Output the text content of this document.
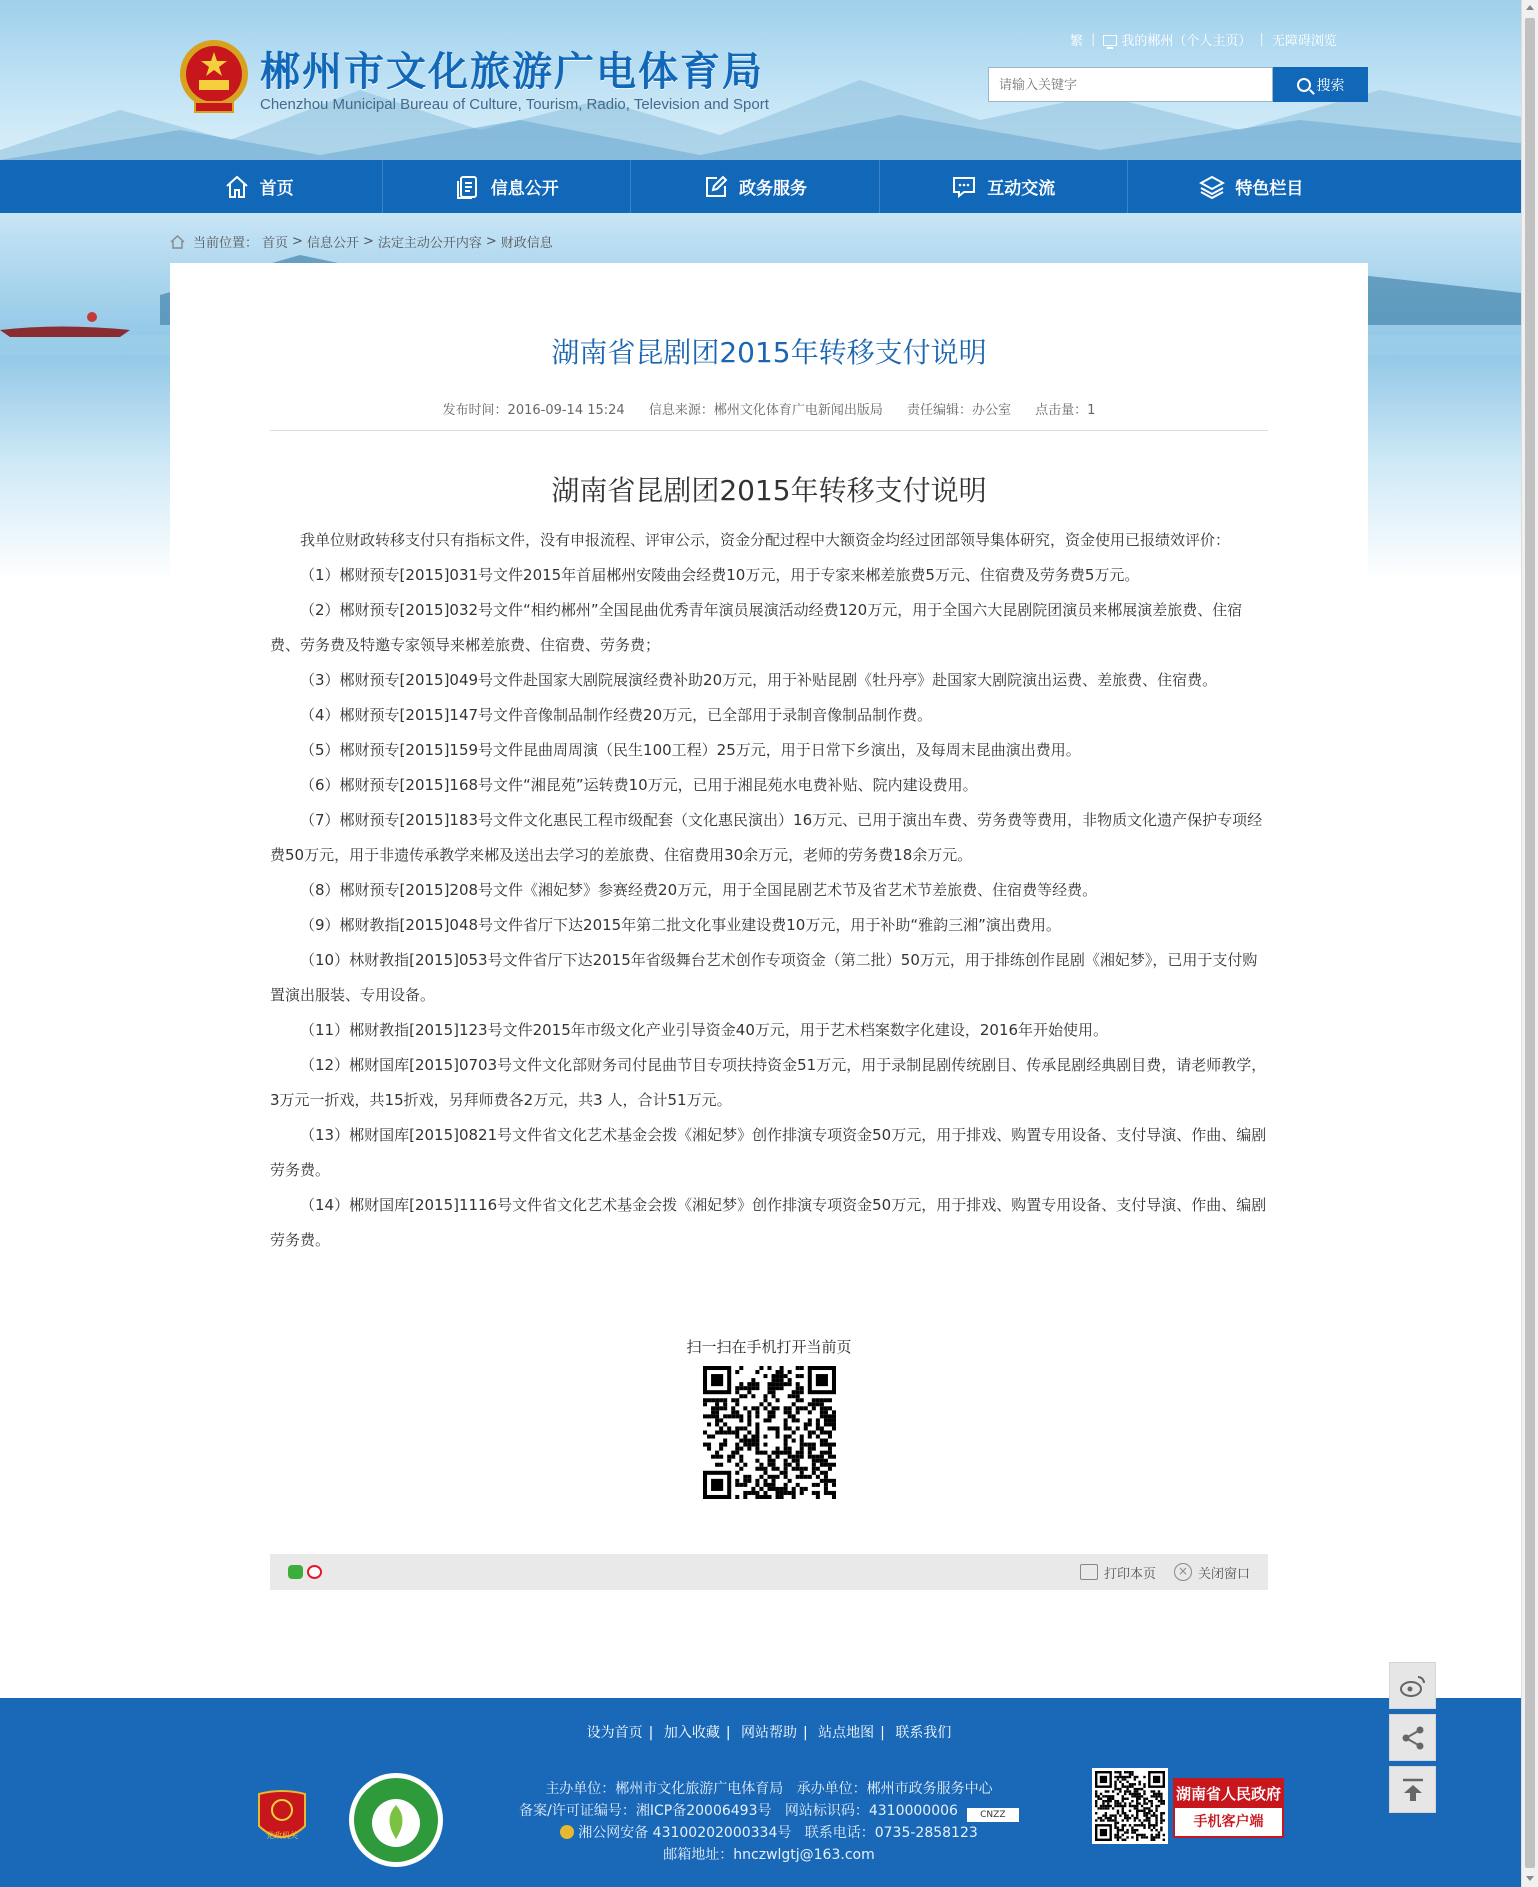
郴州市文化旅游广电体育局
Chenzhou Municipal Bureau of Culture, Tourism, Radio, Television and Sport
繁 |	我的郴州（个人主页） | 无障碍浏览
请输入关键字
搜索
首页	信息公开	政务服务	互动交流	特色栏目
当前位置： 首页 > 信息公开 > 法定主动公开内容 > 财政信息
湖南省昆剧团2015年转移支付说明
发布时间：2016-09-14 15:24 信息来源：郴州文化体育广电新闻出版局 责任编辑：办公室 点击量：1
湖南省昆剧团2015年转移支付说明

我单位财政转移支付只有指标文件，没有申报流程、评审公示，资金分配过程中大额资金均经过团部领导集体研究，资金使用已报绩效评价：

（1）郴财预专[2015]031号文件2015年首届郴州安陵曲会经费10万元，用于专家来郴差旅费5万元、住宿费及劳务费5万元。

（2）郴财预专[2015]032号文件“相约郴州”全国昆曲优秀青年演员展演活动经费120万元，用于全国六大昆剧院团演员来郴展演差旅费、住宿费、劳务费及特邀专家领导来郴差旅费、住宿费、劳务费；

（3）郴财预专[2015]049号文件赴国家大剧院展演经费补助20万元，用于补贴昆剧《牡丹亭》赴国家大剧院演出运费、差旅费、住宿费。

（4）郴财预专[2015]147号文件音像制品制作经费20万元，已全部用于录制音像制品制作费。

（5）郴财预专[2015]159号文件昆曲周周演（民生100工程）25万元，用于日常下乡演出，及每周末昆曲演出费用。

（6）郴财预专[2015]168号文件“湘昆苑”运转费10万元，已用于湘昆苑水电费补贴、院内建设费用。

（7）郴财预专[2015]183号文件文化惠民工程市级配套（文化惠民演出）16万元、已用于演出车费、劳务费等费用，非物质文化遗产保护专项经费50万元，用于非遗传承教学来郴及送出去学习的差旅费、住宿费用30余万元，老师的劳务费18余万元。

（8）郴财预专[2015]208号文件《湘妃梦》参赛经费20万元，用于全国昆剧艺术节及省艺术节差旅费、住宿费等经费。

（9）郴财教指[2015]048号文件省厅下达2015年第二批文化事业建设费10万元，用于补助“雅韵三湘”演出费用。

（10）林财教指[2015]053号文件省厅下达2015年省级舞台艺术创作专项资金（第二批）50万元，用于排练创作昆剧《湘妃梦》，已用于支付购置演出服装、专用设备。

（11）郴财教指[2015]123号文件2015年市级文化产业引导资金40万元，用于艺术档案数字化建设，2016年开始使用。

（12）郴财国库[2015]0703号文件文化部财务司付昆曲节目专项扶持资金51万元，用于录制昆剧传统剧目、传承昆剧经典剧目费，请老师教学，3万元一折戏，共15折戏，另拜师费各2万元，共3 人，合计51万元。

（13）郴财国库[2015]0821号文件省文化艺术基金会拨《湘妃梦》创作排演专项资金50万元，用于排戏、购置专用设备、支付导演、作曲、编剧劳务费。

（14）郴财国库[2015]1116号文件省文化艺术基金会拨《湘妃梦》创作排演专项资金50万元，用于排戏、购置专用设备、支付导演、作曲、编剧劳务费。

扫一扫在手机打开当前页
打印本页	× 关闭窗口
设为首页 | 加入收藏 | 网站帮助 | 站点地图 | 联系我们
党政机关
主办单位：郴州市文化旅游广电体育局 承办单位：郴州市政务服务中心
备案/许可证编号：湘ICP备20006493号 网站标识码：4310000006 CNZZ
湘公网安备 43100202000334号 联系电话：0735-2858123
邮箱地址：hnczwlgtj@163.com
湖南省人民政府
手机客户端
